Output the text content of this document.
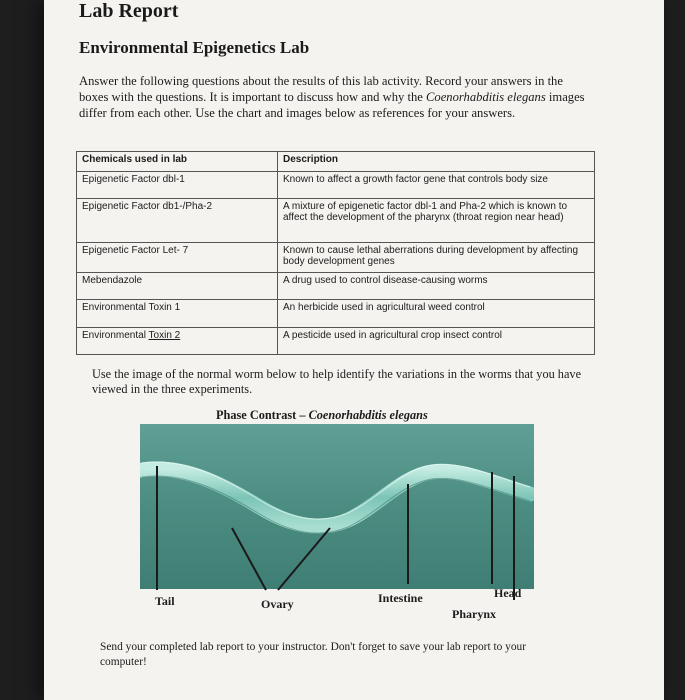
Lab Report
Environmental Epigenetics Lab
Answer the following questions about the results of this lab activity. Record your answers in the boxes with the questions. It is important to discuss how and why the Coenorhabditis elegans images differ from each other. Use the chart and images below as references for your answers.
Chemicals used in lab	Description
Epigenetic Factor dbl-1	Known to affect a growth factor gene that controls body size
Epigenetic Factor db1-/Pha-2	A mixture of epigenetic factor dbl-1 and Pha-2 which is known to affect the development of the pharynx (throat region near head)
Epigenetic Factor Let- 7	Known to cause lethal aberrations during development by affecting body development genes
Mebendazole	A drug used to control disease-causing worms
Environmental Toxin 1	An herbicide used in agricultural weed control
Environmental Toxin 2	A pesticide used in agricultural crop insect control
Use the image of the normal worm below to help identify the variations in the worms that you have viewed in the three experiments.
Phase Contrast – Coenorhabditis elegans
Tail	Ovary	Intestine	Head
Pharynx
Send your completed lab report to your instructor. Don't forget to save your lab report to your computer!
